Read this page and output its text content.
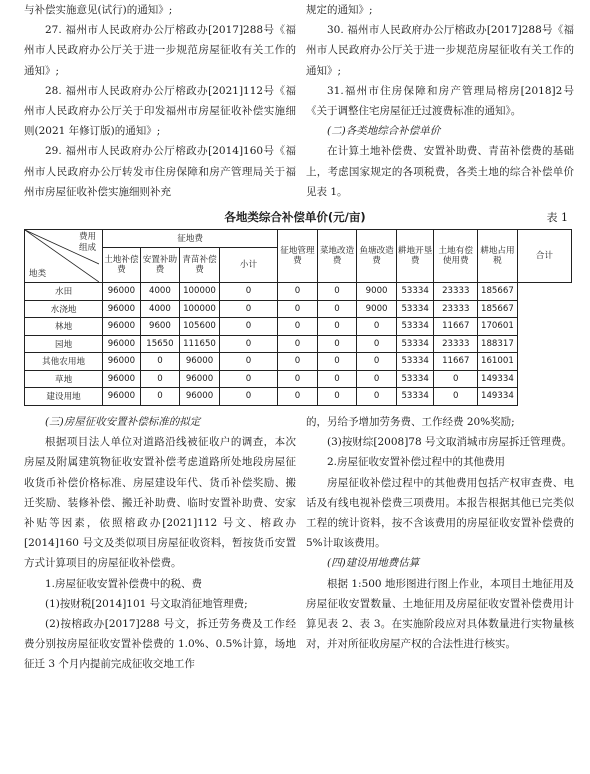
与补偿实施意见(试行)的通知》;

27. 福州市人民政府办公厅榕政办[2017]288号《福州市人民政府办公厅关于进一步规范房屋征收有关工作的通知》;

28. 福州市人民政府办公厅榕政办[2021]112号《福州市人民政府办公厅关于印发福州市房屋征收补偿实施细则(2021 年修订版)的通知》;

29. 福州市人民政府办公厅榕政办[2014]160号《福州市人民政府办公厅转发市住房保障和房产管理局关于福州市房屋征收补偿实施细则补充

规定的通知》;

30. 福州市人民政府办公厅榕政办[2017]288号《福州市人民政府办公厅关于进一步规范房屋征收有关工作的通知》;

31.福州市住房保障和房产管理局榕房[2018]2号《关于调整住宅房屋征迁过渡费标准的通知》。

(二)各类地综合补偿单价

在计算土地补偿费、安置补助费、青苗补偿费的基础上，考虑国家规定的各项税费，各类土地的综合补偿单价见表 1。

各地类综合补偿单价(元/亩)	表 1
费用
组成
地类	征地费				征地管理费	菜地改造费	鱼塘改造费	耕地开垦费	土地有偿使用费	耕地占用税	合计
	土地补偿费	安置补助费	青苗补偿费	小计							
水田	96000	4000	100000	0	0	0	9000	53334	23333	185667	
水浇地	96000	4000	100000	0	0	0	9000	53334	23333	185667	
林地	96000	9600	105600	0	0	0	0	53334	11667	170601	
园地	96000	15650	111650	0	0	0	0	53334	23333	188317	
其他农用地	96000	0	96000	0	0	0	0	53334	11667	161001	
草地	96000	0	96000	0	0	0	0	53334	0	149334	
建设用地	96000	0	96000	0	0	0	0	53334	0	149334	

(三)房屋征收安置补偿标准的拟定

根据项目法人单位对道路沿线被征收户的调查，本次房屋及附属建筑物征收安置补偿考虑道路所处地段房屋征收货币补偿价格标准、房屋建设年代、货币补偿奖励、搬迁奖励、装修补偿、搬迁补助费、临时安置补助费、安家补贴等因素，依照榕政办[2021]112 号文、榕政办[2014]160 号文及类似项目房屋征收资料，暂按货币安置方式计算项目的房屋征收补偿费。

1.房屋征收安置补偿费中的税、费

(1)按财税[2014]101 号文取消征地管理费;

(2)按榕政办[2017]288 号文，拆迁劳务费及工作经费分别按房屋征收安置补偿费的 1.0%、0.5%计算，场地征迁 3 个月内提前完成征收交地工作

的，另给予增加劳务费、工作经费 20%奖励;

(3)按财综[2008]78 号文取消城市房屋拆迁管理费。

2.房屋征收安置补偿过程中的其他费用

房屋征收补偿过程中的其他费用包括产权审查费、电话及有线电视补偿费三项费用。本报告根据其他已完类似工程的统计资料，按不含该费用的房屋征收安置补偿费的 5%计取该费用。

(四)建设用地费估算

根据 1:500 地形图进行图上作业，本项目土地征用及房屋征收安置数量、土地征用及房屋征收安置补偿费用计算见表 2、表 3。在实施阶段应对具体数量进行实物量核对，并对所征收房屋产权的合法性进行核实。
